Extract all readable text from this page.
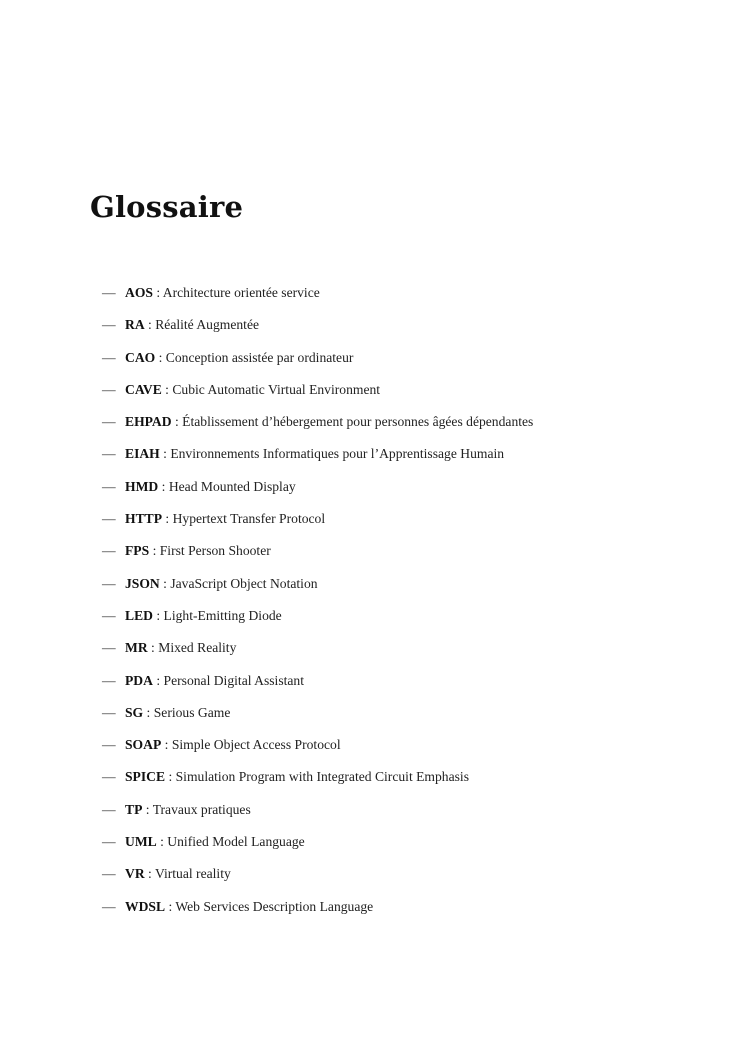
Glossaire
— AOS : Architecture orientée service
— RA : Réalité Augmentée
— CAO : Conception assistée par ordinateur
— CAVE : Cubic Automatic Virtual Environment
— EHPAD : Établissement d’hébergement pour personnes âgées dépendantes
— EIAH : Environnements Informatiques pour l’Apprentissage Humain
— HMD : Head Mounted Display
— HTTP : Hypertext Transfer Protocol
— FPS : First Person Shooter
— JSON : JavaScript Object Notation
— LED : Light-Emitting Diode
— MR : Mixed Reality
— PDA : Personal Digital Assistant
— SG : Serious Game
— SOAP : Simple Object Access Protocol
— SPICE : Simulation Program with Integrated Circuit Emphasis
— TP : Travaux pratiques
— UML : Unified Model Language
— VR : Virtual reality
— WDSL : Web Services Description Language
